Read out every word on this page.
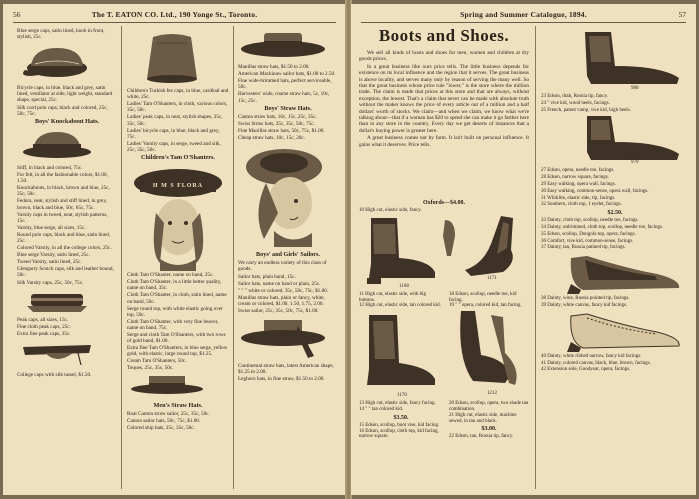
56	The T. EATON CO. Ltd., 190 Yonge St., Toronto.

Blue serge caps, satin lined, knob in front, stylish, 25c.

Bicycle caps, in blue, black and grey, satin lined, ventilator at side, light weight, standard shape, special, 25c.

Silk cord polo caps, black and colored, 25c, 50c, 75c.

Boys' Knockabout Hats.

Stiff, in black and colored, 75c.

Fur felt, in all the fashionable colors, $1.00, 1.50.

Knockabouts, in black, brown and blue, 25c, 35c, 50c.

Fedora, neat, stylish and stiff lined, in grey, brown, black and blue, 50c, 65c, 75c.

Varsity caps in tweed, neat, stylish patterns, 15c.

Varsity, blue serge, all sizes, 15c.

Round polo caps, black and blue, satin lined, 25c.

Colored Varsity, in all the college colors, 25c.

Blue serge Varsity, satin lined, 25c.

Tweed Varsity, satin lined, 25c.

Glengarry Scotch caps, silk and leather bound, 50c.

Silk Varsity caps, 25c, 50c, 75c.

Peak caps, all sizes, 15c.

Fine cloth peak caps, 25c.

Extra fine peak caps, 35c.

College caps with silk tassel, $1.50.

Children's Turkish fez caps, in blue, cardinal and white, 25c.

Ladies' Tam O'Shanters, in cloth, various colors, 35c, 50c.

Ladies' peak caps, in neat, stylish shapes, 25c, 35c, 50c.

Ladies' bicycle caps, in blue, black and grey, 75c.

Ladies' Varsity caps, in serge, tweed and silk, 25c, 35c, 50c.

Children's Tam O'Shanters.
H M S FLORA

Cloth Tam O'Shanter, name on band, 25c.

Cloth Tam O'Shanter, in a little better quality, name on band, 35c.

Cloth Tam O'Shanter, in cloth, satin lined, name on band, 50c.

Serge round top, with white elastic going over top, 50c.

Cloth Tam O'Shanter, with very fine beaver, name on band, 75c.

Serge and cloth Tam O'Shanters, with two rows of gold band, $1.00.

Extra fine Tam O'Shanters, in blue serge, yellow gold, with elastic, large round top, $1.25.

Cream Tam O'Shanters, 50c.

Toques, 25c, 35c, 50c.

Men's Straw Hats.

Boat Canton straw sailor, 25c, 35c, 50c.

Canton sailor hats, 50c, 75c, $1.00.

Colored ship hats, 25c, 35c, 50c.

Manillas straw hats, $1.50 to 2.00.

American Mackinaw sailor hats, $1.00 to 2.50.

Fine wide-brimmed hats, perfect serviceable, 50c.

Harvesters' wide, coarse straw hats, 5c, 10c, 15c, 25c.

Boys' Straw Hats.

Canton straw hats, 10c, 15c, 25c, 35c.

Swiss Straw hats, 25c, 35c, 50c, 75c.

Fine Manillas straw hats, 50c, 75c, $1.00.

Cheap straw hats, 10c, 15c, 20c.

Boys' and Girls' Sailors.

We carry an endless variety of this class of goods.

Sailor hats, plain band, 15c.

Sailor hats, name on band or plain, 25c.

" " " white or colored, 35c, 50c, 75c, $1.00.

Manillas straw hats, plain or fancy, white, cream or colored, $1.00, 1.50, 1.75, 2.00.

Swiss sailor, 25c, 35c, 50c, 75c, $1.00.

Continental straw hats, latest American shape, $1.25 to 2.00.

Leghorn hats, in fine straw, $1.50 to 2.00.

Spring and Summer Catalogue, 1894.	57
Boots and Shoes.

We sell all kinds of boots and shoes for men, women and children at dry goods prices.

In a great business like ours price tells. The little business depends for existence on its local influence and the region that it serves. The great business is above locality, and serves many only by reason of serving the many well. So that the great business whose price rule "lower," is the store where the million trade. The claim is made that prices at this store and that are always, without exception, the lowest. That's a claim that never can be made with absolute truth without the maker knows the price of every article out of a million and a half dollars' worth of stocks. We claim—and when we claim, we know what we're talking about—that if a woman has $20 to spend she can make it go farther here than in any store in the country. Every day we get deserts of instances that a dollar's buying power is greater here.

A great business comes not by farm. It isn't built on personal influence. It gains what it deserves. Price tells.

Oxfords—$4.00.
10 High cut, elastic side, fancy.
1168
1171
11 High cut, elastic side, with big buttons.
12 High cut, elastic side, tan colored kid.
18 Edson, scollop, needle toe, kid facing.
19 " " opera, colored kid, tan facing.
1170	1212
13 High cut, elastic side, fancy facing.
14 " " tan colored kid.
$3.50.
15 Edson, scollop, boot vise, kid facing.
16 Edson, scollop, cloth top, kid facing, narrow square.
20 Edson, scollop, opera, two shade tan combination.
21 High cut, elastic side, machine sewed, in tan and black.
$3.00.
22 Edson, tan, Russia tip, fancy.
980

23 Edson, drab, Russia tip, fancy.

24 " vice kid, wood heels, facings.

25 French, patent vamp, vice kid, high heels.

979

27 Edson, opera, needle toe, facings.

28 Edson, narrow square, facings.

29 Easy walking, opera wall, facings.

30 Easy walking, common-sense, opera wall, facings.

31 Whitilite, elastic side, tip, facings.

32 Southern, cloth top, 1 eyelet, facings.

$2.50.

33 Dainty, cloth top, scollop, needle toe, facings.

34 Dainty, unlrimmed, cloth top, scollop, needle toe, facings.

35 Edson, scollop, Dongola top, opera, facings.

36 Comfort, vice kid, common-sense, facings.

37 Dainty, tan, Russia patined tip, facings.

38 Dainty, wine, Russia pointed tip, facings.

39 Dainty, white canvas, fancy kid facings.

40 Dainty, white ribbed narrow, fancy kid facings.

41 Dainty, colored canvas, black, blue, brown, facings.

42 Extension sole, Goodyear, opera, facings.
